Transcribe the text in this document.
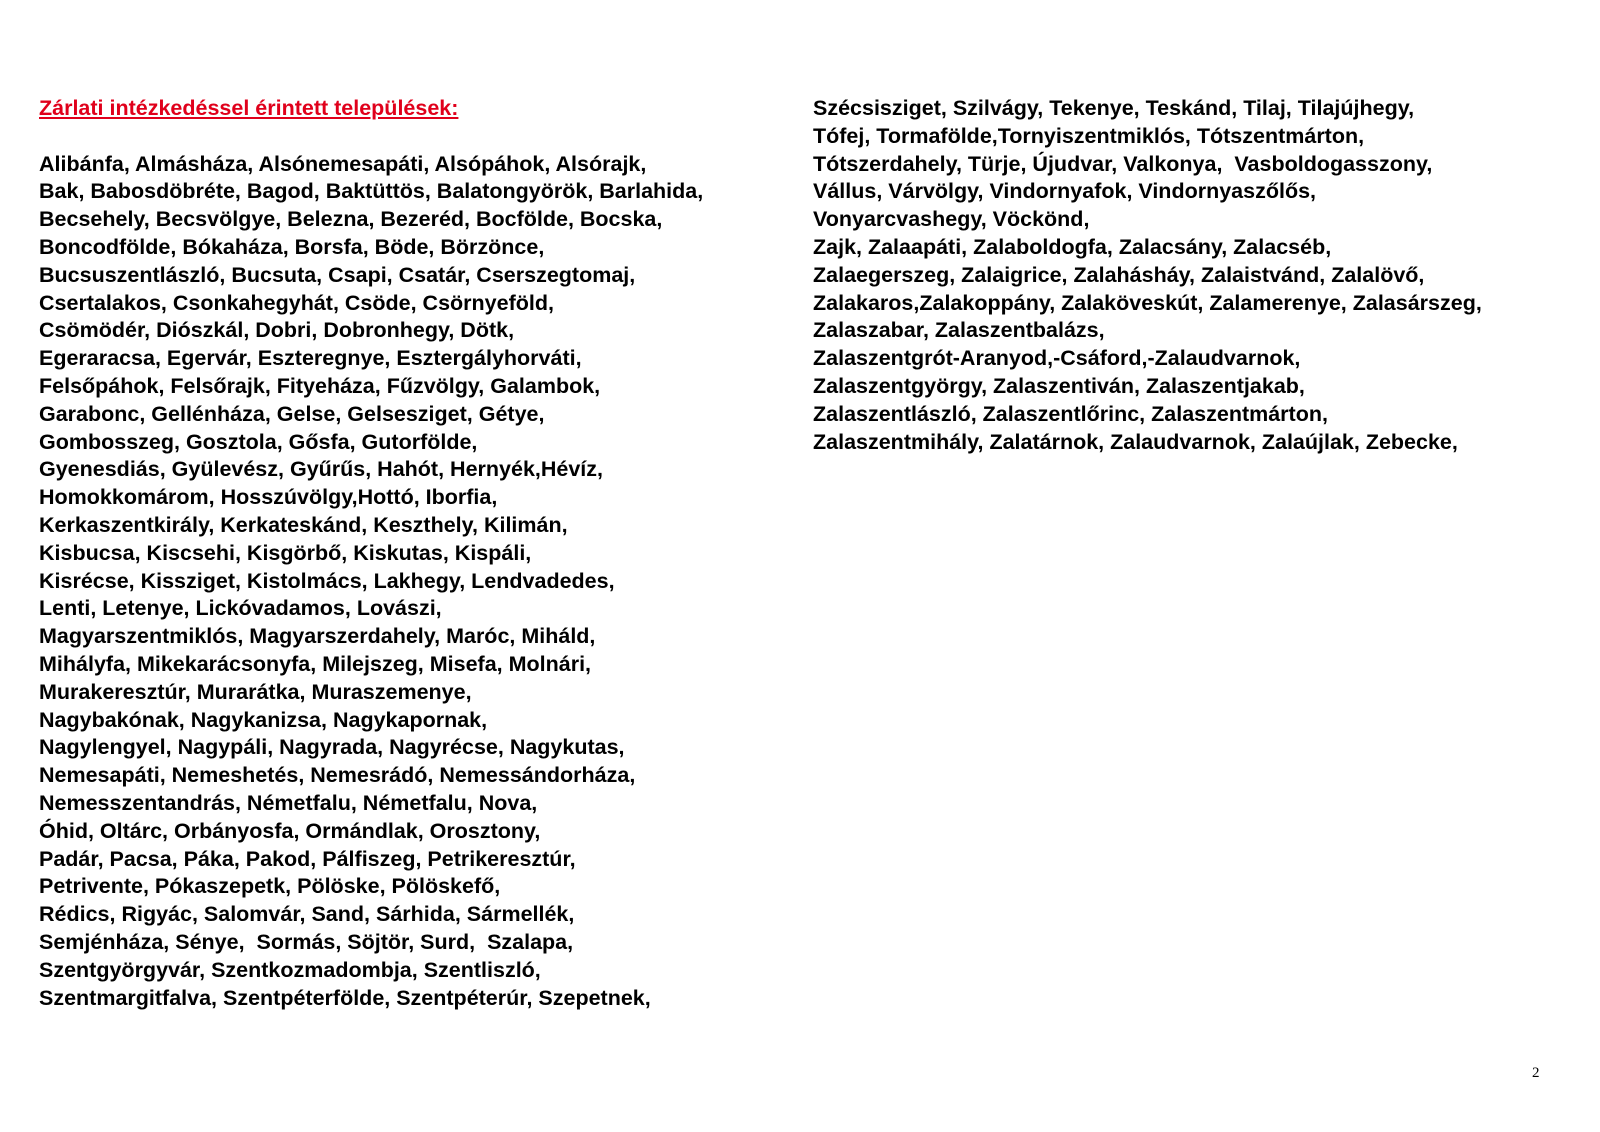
Zárlati intézkedéssel érintett települések:
Alibánfa, Almásháza, Alsónemesapáti, Alsópáhok, Alsórajk,
Bak, Babosdöbréte, Bagod, Baktüttös, Balatongyörök, Barlahida,
Becsehely, Becsvölgye, Belezna, Bezeréd, Bocfölde, Bocska,
Boncodfölde, Bókaháza, Borsfa, Böde, Börzönce,
Bucsuszentlászló, Bucsuta, Csapi, Csatár, Cserszegtomaj,
Csertalakos, Csonkahegyhát, Csöde, Csörnyeföld,
Csömödér, Diószkál, Dobri, Dobronhegy, Dötk,
Egeraracsa, Egervár, Eszteregnye, Esztergályhorváti,
Felsőpáhok, Felsőrajk, Fityeháza, Fűzvölgy, Galambok,
Garabonc, Gellénháza, Gelse, Gelsesziget, Gétye,
Gombosszeg, Gosztola, Gősfa, Gutorfölde,
Gyenesdiás, Gyülevész, Gyűrűs, Hahót, Hernyék,Hévíz,
Homokkomárom, Hosszúvölgy,Hottó, Iborfia,
Kerkaszentkirály, Kerkateskánd, Keszthely, Kilimán,
Kisbucsa, Kiscsehi, Kisgörbő, Kiskutas, Kispáli,
Kisrécse, Kissziget, Kistolmács, Lakhegy, Lendvadedes,
Lenti, Letenye, Lickóvadamos, Lovászi,
Magyarszentmiklós, Magyarszerdahely, Maróc, Miháld,
Mihályfa, Mikekarácsonyfa, Milejszeg, Misefa, Molnári,
Murakeresztúr, Murarátka, Muraszemenye,
Nagybakónak, Nagykanizsa, Nagykapornak,
Nagylengyel, Nagypáli, Nagyrada, Nagyrécse, Nagykutas,
Nemesapáti, Nemeshetés, Nemesrádó, Nemessándorháza,
Nemesszentandrás, Németfalu, Németfalu, Nova,
Óhid, Oltárc, Orbányosfa, Ormándlak, Orosztony,
Padár, Pacsa, Páka, Pakod, Pálfiszeg, Petrikeresztúr,
Petrivente, Pókaszepetk, Pölöske, Pölöskefő,
Rédics, Rigyác, Salomvár, Sand, Sárhida, Sármellék,
Semjénháza, Sénye,  Sormás, Söjtör, Surd,  Szalapa,
Szentgyörgyvár, Szentkozmadombja, Szentliszló,
Szentmargitfalva, Szentpéterfölde, Szentpéterúr, Szepetnek,
Szécsisziget, Szilvágy, Tekenye, Teskánd, Tilaj, Tilajújhegy,
Tófej, Tormafölde,Tornyiszentmiklós, Tótszentmárton,
Tótszerdahely, Türje, Újudvar, Valkonya,  Vasboldogasszony,
Vállus, Várvölgy, Vindornyafok, Vindornyaszőlős,
Vonyarcvashegy, Vöckönd,
Zajk, Zalaapáti, Zalaboldogfa, Zalacsány, Zalacséb,
Zalaegerszeg, Zalaigrice, Zalahásháy, Zalaistvánd, Zalalövő,
Zalakaros,Zalakoppány, Zalaköveskút, Zalamerenye, Zalasárszeg,
Zalaszabar, Zalaszentbalázs,
Zalaszentgrót-Aranyod,-Csáford,-Zalaudvarnok,
Zalaszentgyörgy, Zalaszentiván, Zalaszentjakab,
Zalaszentlászló, Zalaszentlőrinc, Zalaszentmárton,
Zalaszentmihály, Zalatárnok, Zalaudvarnok, Zalaújlak, Zebecke,
2
